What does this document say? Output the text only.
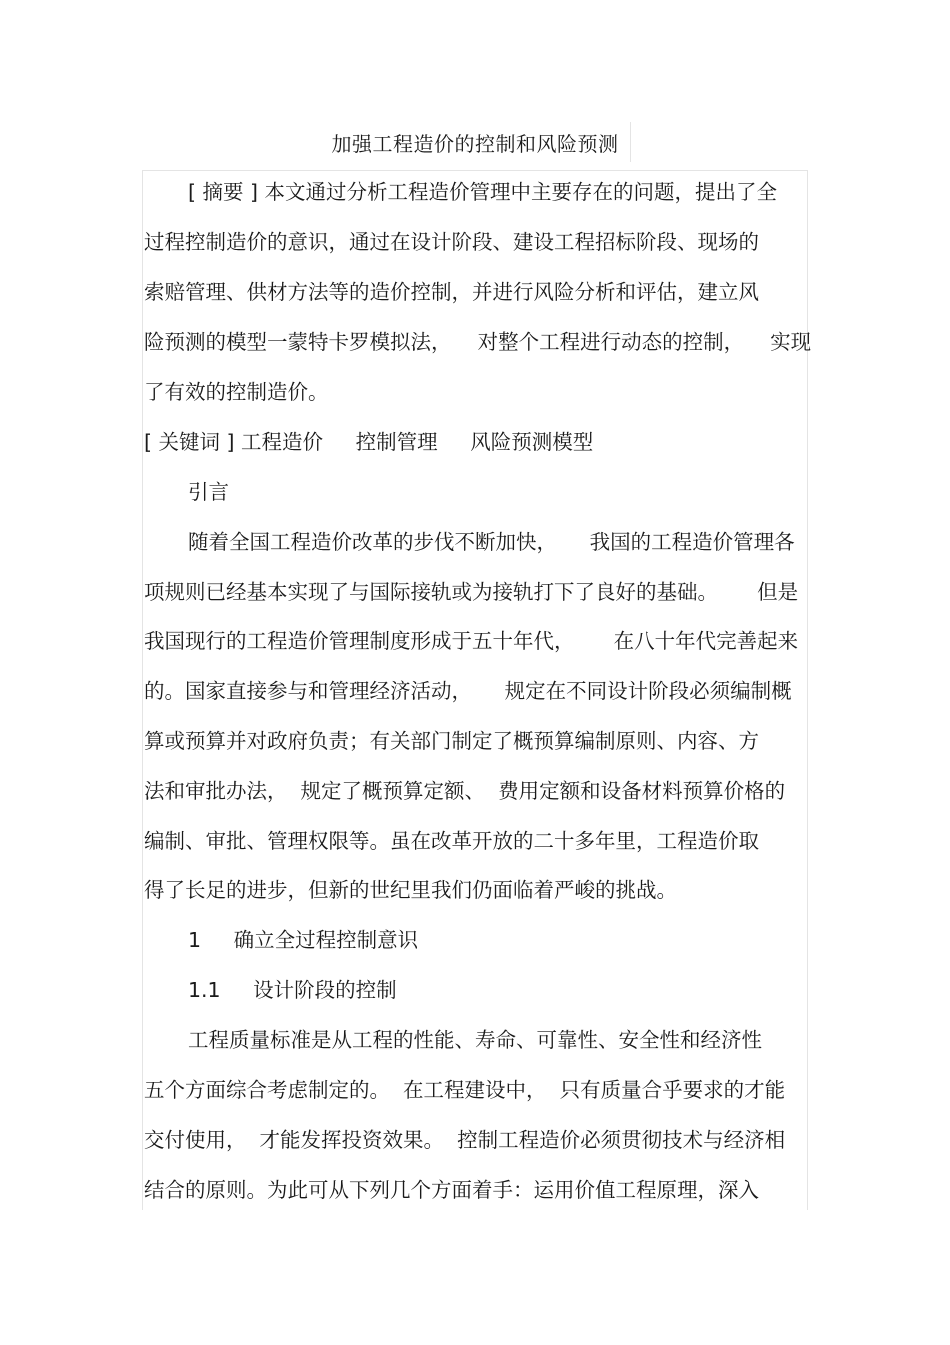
加强工程造价的控制和风险预测
[ 摘要 ] 本文通过分析工程造价管理中主要存在的问题，提出了全
过程控制造价的意识，通过在设计阶段、建设工程招标阶段、现场的
索赔管理、供材方法等的造价控制，并进行风险分析和评估，建立风
险预测的模型一蒙特卡罗模拟法，    对整个工程进行动态的控制，    实现
了有效的控制造价。
[ 关键词 ] 工程造价     控制管理     风险预测模型
引言
随着全国工程造价改革的步伐不断加快，     我国的工程造价管理各
项规则已经基本实现了与国际接轨或为接轨打下了良好的基础。      但是
我国现行的工程造价管理制度形成于五十年代，      在八十年代完善起来
的。国家直接参与和管理经济活动，     规定在不同设计阶段必须编制概
算或预算并对政府负责；有关部门制定了概预算编制原则、内容、方
法和审批办法，  规定了概预算定额、  费用定额和设备材料预算价格的
编制、审批、管理权限等。虽在改革开放的二十多年里，工程造价取
得了长足的进步，但新的世纪里我们仍面临着严峻的挑战。
1     确立全过程控制意识
1.1     设计阶段的控制
工程质量标准是从工程的性能、寿命、可靠性、安全性和经济性
五个方面综合考虑制定的。  在工程建设中，  只有质量合乎要求的才能
交付使用，  才能发挥投资效果。  控制工程造价必须贯彻技术与经济相
结合的原则。为此可从下列几个方面着手：运用价值工程原理，深入
